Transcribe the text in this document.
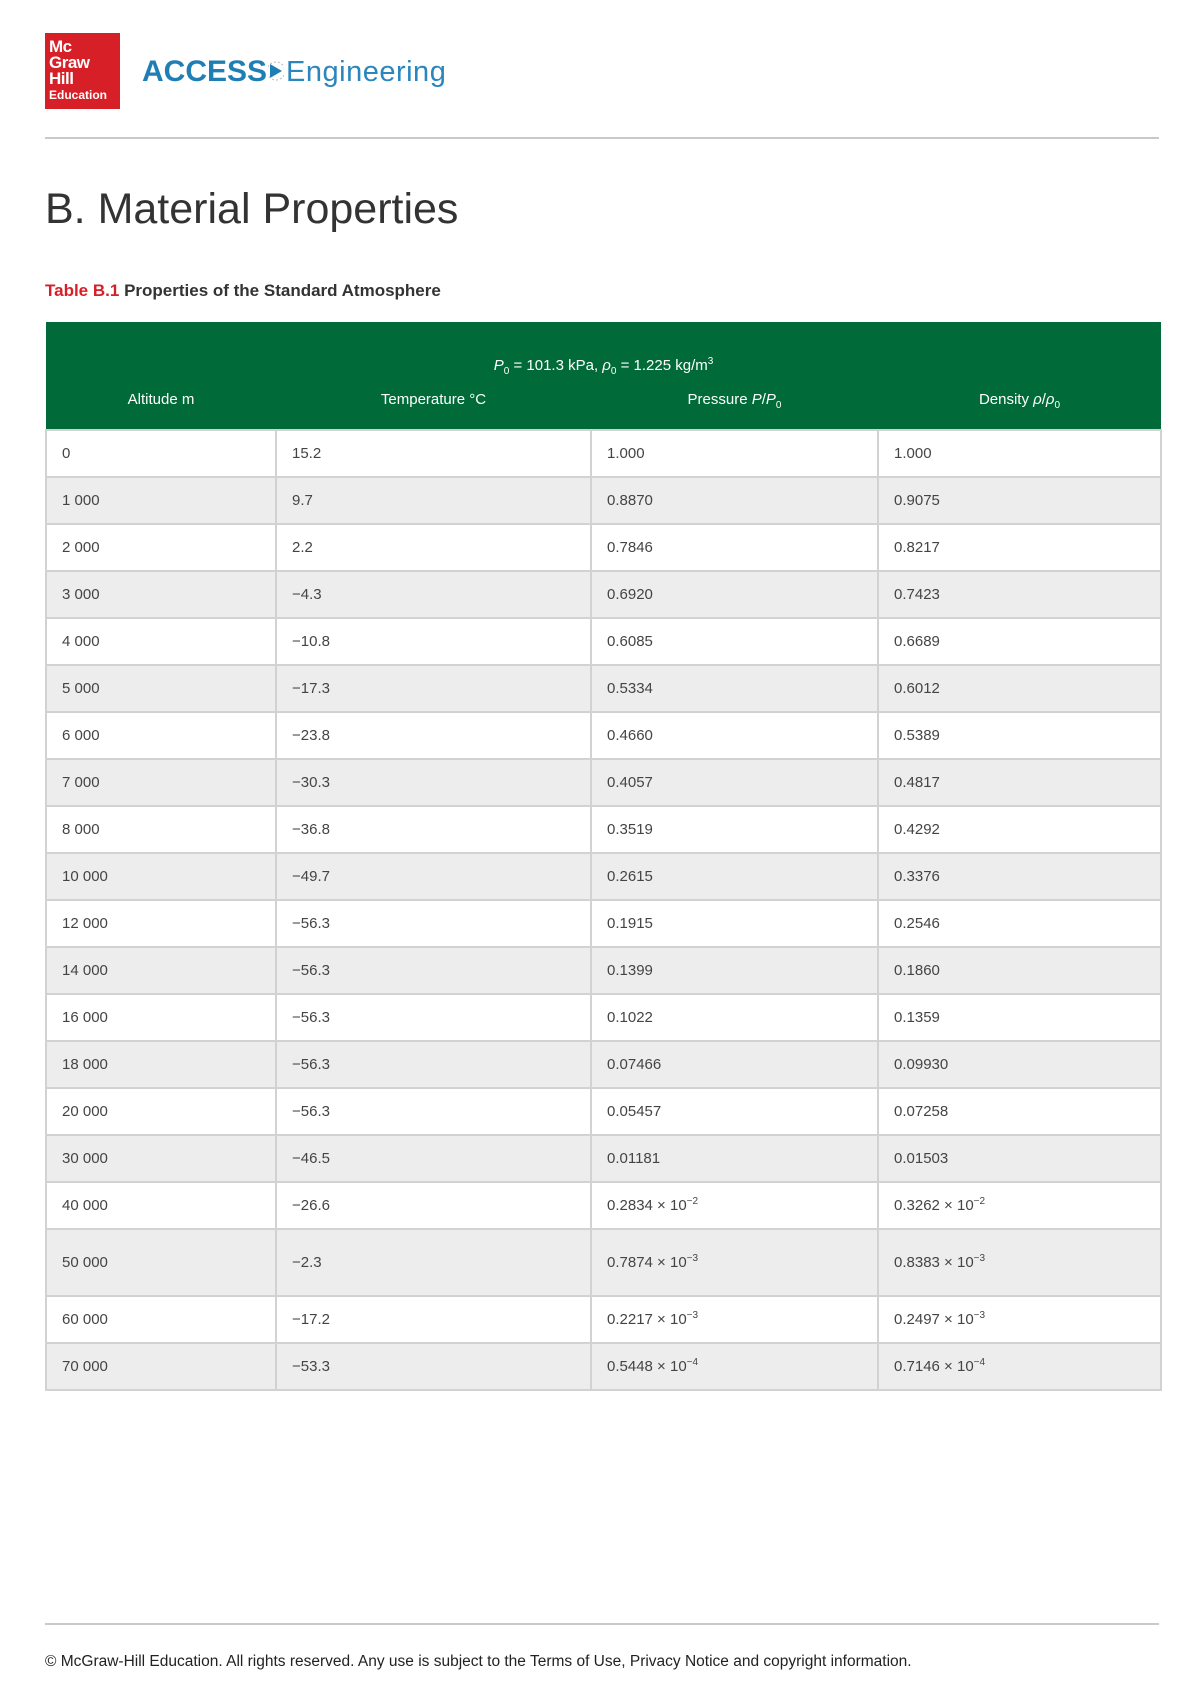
Mc
Graw
Hill
Education
ACCESS Engineering
B. Material Properties
Table B.1 Properties of the Standard Atmosphere
$P_0 = 101.3$ kPa, $\rho_0 = 1.225$ $kg/m^3$
Altitude m	Temperature °C	Pressure $P/P_0$	Density $\rho/\rho_0$
0	15.2	1.000	1.000
1 000	9.7	0.8870	0.9075
2 000	2.2	0.7846	0.8217
3 000	−4.3	0.6920	0.7423
4 000	−10.8	0.6085	0.6689
5 000	−17.3	0.5334	0.6012
6 000	−23.8	0.4660	0.5389
7 000	−30.3	0.4057	0.4817
8 000	−36.8	0.3519	0.4292
10 000	−49.7	0.2615	0.3376
12 000	−56.3	0.1915	0.2546
14 000	−56.3	0.1399	0.1860
16 000	−56.3	0.1022	0.1359
18 000	−56.3	0.07466	0.09930
20 000	−56.3	0.05457	0.07258
30 000	−46.5	0.01181	0.01503
40 000	−26.6	$0.2834 \times 10^{-2}$	$0.3262 \times 10^{-2}$
50 000	−2.3	$0.7874 \times 10^{-3}$	$0.8383 \times 10^{-3}$
60 000	−17.2	$0.2217 \times 10^{-3}$	$0.2497 \times 10^{-3}$
70 000	−53.3	$0.5448 \times 10^{-4}$	$0.7146 \times 10^{-4}$
© McGraw-Hill Education. All rights reserved. Any use is subject to the Terms of Use, Privacy Notice and copyright information.
